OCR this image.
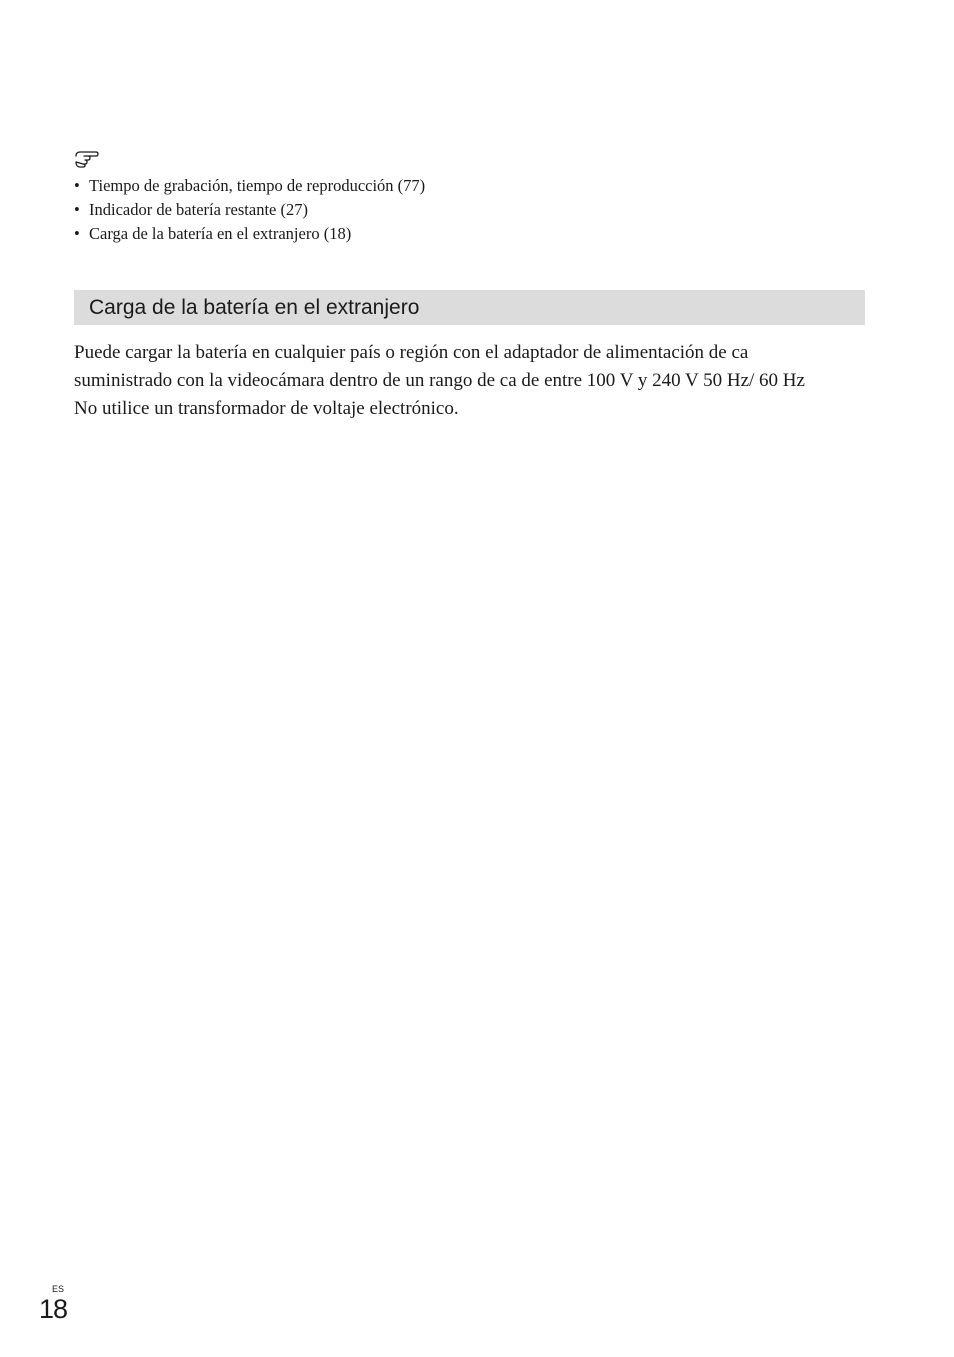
• Tiempo de grabación, tiempo de reproducción (77)
• Indicador de batería restante (27)
• Carga de la batería en el extranjero (18)
Carga de la batería en el extranjero

Puede cargar la batería en cualquier país o región con el adaptador de alimentación de ca suministrado con la videocámara dentro de un rango de ca de entre 100 V y 240 V 50 Hz/ 60 Hz

No utilice un transformador de voltaje electrónico.

ES
18
